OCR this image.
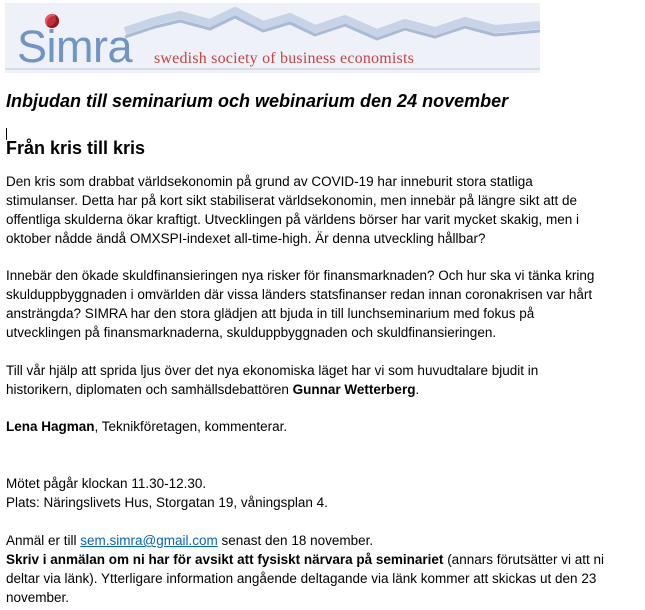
Simra swedish society of business economists
Inbjudan till seminarium och webinarium den 24 november
Från kris till kris
Den kris som drabbat världsekonomin på grund av COVID-19 har inneburit stora statliga
stimulanser. Detta har på kort sikt stabiliserat världsekonomin, men innebär på längre sikt att de
offentliga skulderna ökar kraftigt. Utvecklingen på världens börser har varit mycket skakig, men i
oktober nådde ändå OMXSPI-indexet all-time-high. Är denna utveckling hållbar?
Innebär den ökade skuldfinansieringen nya risker för finansmarknaden? Och hur ska vi tänka kring
skulduppbyggnaden i omvärlden där vissa länders statsfinanser redan innan coronakrisen var hårt
ansträngda? SIMRA har den stora glädjen att bjuda in till lunchseminarium med fokus på
utvecklingen på finansmarknaderna, skulduppbyggnaden och skuldfinansieringen.
Till vår hjälp att sprida ljus över det nya ekonomiska läget har vi som huvudtalare bjudit in
historikern, diplomaten och samhällsdebattören Gunnar Wetterberg.
Lena Hagman, Teknikföretagen, kommenterar.
Mötet pågår klockan 11.30-12.30.
Plats: Näringslivets Hus, Storgatan 19, våningsplan 4.
Anmäl er till sem.simra@gmail.com senast den 18 november.
Skriv i anmälan om ni har för avsikt att fysiskt närvara på seminariet (annars förutsätter vi att ni
deltar via länk). Ytterligare information angående deltagande via länk kommer att skickas ut den 23
november.
